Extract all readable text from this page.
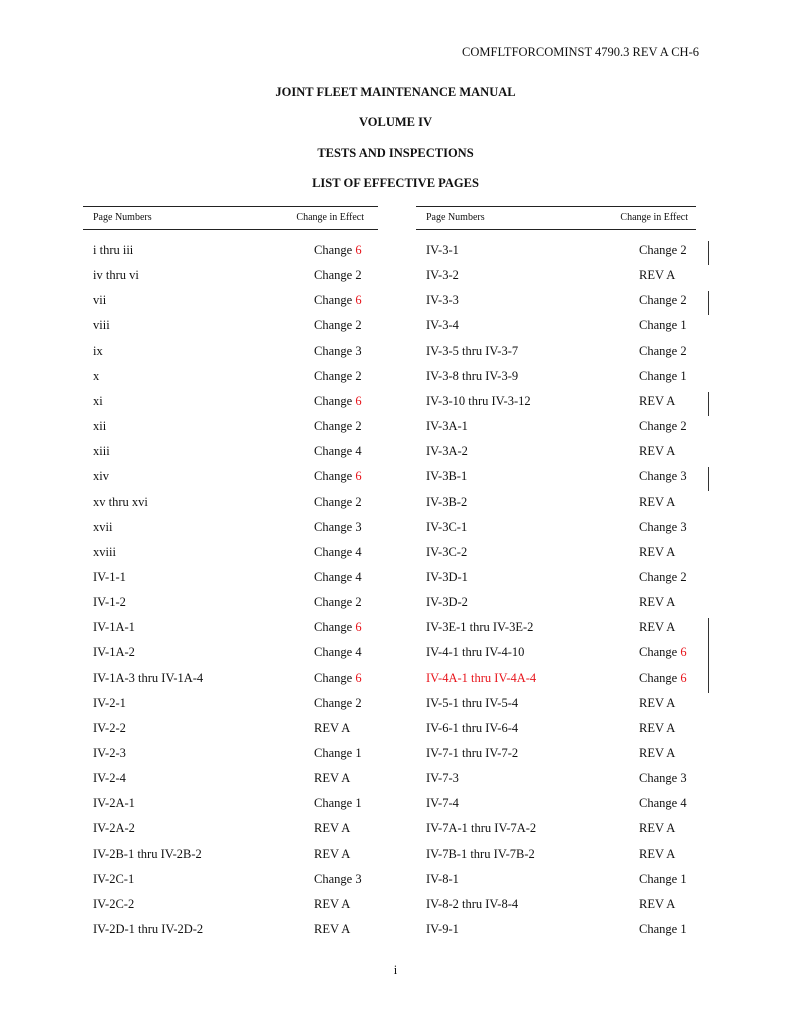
COMFLTFORCOMINST 4790.3 REV A CH-6
JOINT FLEET MAINTENANCE MANUAL
VOLUME IV
TESTS AND INSPECTIONS
LIST OF EFFECTIVE PAGES
Page Numbers	Change in Effect
i thru iii	Change 6
iv thru vi	Change 2
vii	Change 6
viii	Change 2
ix	Change 3
x	Change 2
xi	Change 6
xii	Change 2
xiii	Change 4
xiv	Change 6
xv thru xvi	Change 2
xvii	Change 3
xviii	Change 4
IV-1-1	Change 4
IV-1-2	Change 2
IV-1A-1	Change 6
IV-1A-2	Change 4
IV-1A-3 thru IV-1A-4	Change 6
IV-2-1	Change 2
IV-2-2	REV A
IV-2-3	Change 1
IV-2-4	REV A
IV-2A-1	Change 1
IV-2A-2	REV A
IV-2B-1 thru IV-2B-2	REV A
IV-2C-1	Change 3
IV-2C-2	REV A
IV-2D-1 thru IV-2D-2	REV A
Page Numbers	Change in Effect
IV-3-1	Change 2
IV-3-2	REV A
IV-3-3	Change 2
IV-3-4	Change 1
IV-3-5 thru IV-3-7	Change 2
IV-3-8 thru IV-3-9	Change 1
IV-3-10 thru IV-3-12	REV A
IV-3A-1	Change 2
IV-3A-2	REV A
IV-3B-1	Change 3
IV-3B-2	REV A
IV-3C-1	Change 3
IV-3C-2	REV A
IV-3D-1	Change 2
IV-3D-2	REV A
IV-3E-1 thru IV-3E-2	REV A
IV-4-1 thru IV-4-10	Change 6
IV-4A-1 thru IV-4A-4	Change 6
IV-5-1 thru IV-5-4	REV A
IV-6-1 thru IV-6-4	REV A
IV-7-1 thru IV-7-2	REV A
IV-7-3	Change 3
IV-7-4	Change 4
IV-7A-1 thru IV-7A-2	REV A
IV-7B-1 thru IV-7B-2	REV A
IV-8-1	Change 1
IV-8-2 thru IV-8-4	REV A
IV-9-1	Change 1
i
